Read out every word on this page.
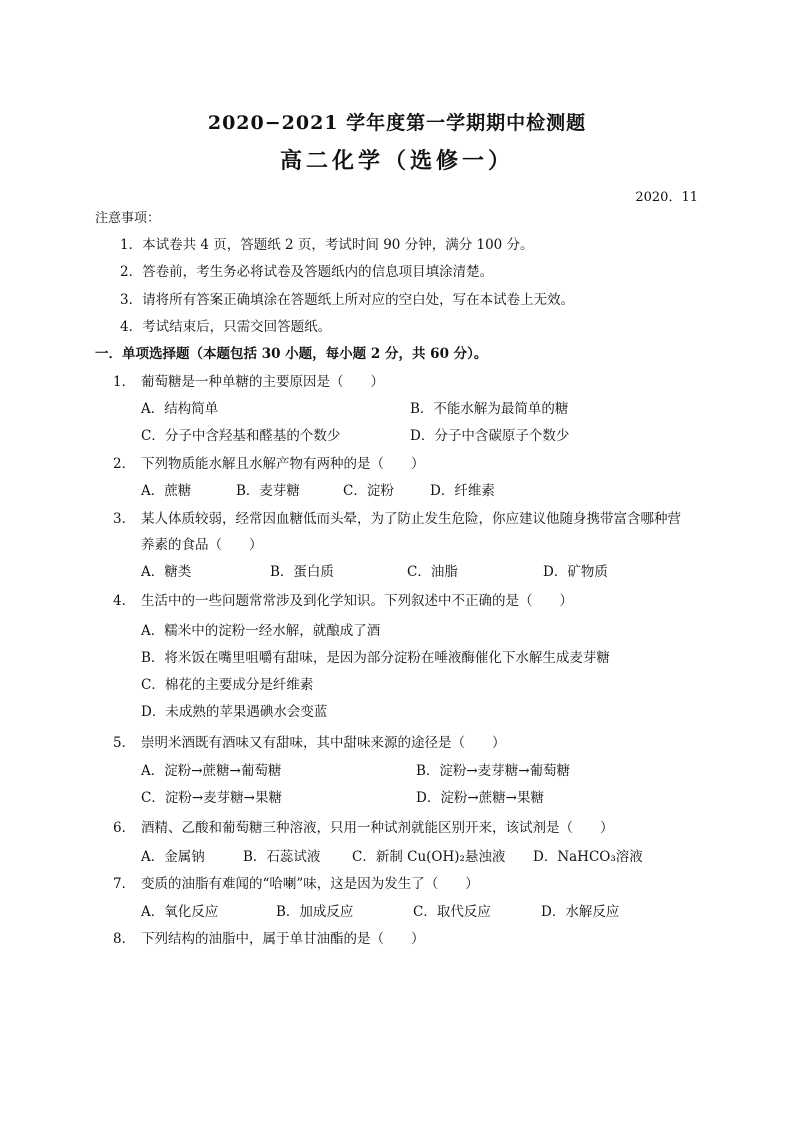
2020−2021 学年度第一学期期中检测题
高二化学（选修一）
2020．11
注意事项：
1．本试卷共 4 页，答题纸 2 页，考试时间 90 分钟，满分 100 分。
2．答卷前，考生务必将试卷及答题纸内的信息项目填涂清楚。
3．请将所有答案正确填涂在答题纸上所对应的空白处，写在本试卷上无效。
4．考试结束后，只需交回答题纸。
一．单项选择题（本题包括 30 小题，每小题 2 分，共 60 分）。
1． 葡萄糖是一种单糖的主要原因是（　　）
A．结构简单	B．不能水解为最简单的糖
C．分子中含羟基和醛基的个数少	D．分子中含碳原子个数少
2． 下列物质能水解且水解产物有两种的是（　　）
A．蔗糖	B．麦芽糖	C．淀粉	D．纤维素
3． 某人体质较弱，经常因血糖低而头晕，为了防止发生危险，你应建议他随身携带富含哪种营
养素的食品（　　）
A．糖类	B．蛋白质	C．油脂	D．矿物质
4． 生活中的一些问题常常涉及到化学知识。下列叙述中不正确的是（　　）
A．糯米中的淀粉一经水解，就酿成了酒
B．将米饭在嘴里咀嚼有甜味，是因为部分淀粉在唾液酶催化下水解生成麦芽糖
C．棉花的主要成分是纤维素
D．未成熟的苹果遇碘水会变蓝
5． 崇明米酒既有酒味又有甜味，其中甜味来源的途径是（　　）
A．淀粉→蔗糖→葡萄糖	B．淀粉→麦芽糖→葡萄糖
C．淀粉→麦芽糖→果糖	D．淀粉→蔗糖→果糖
6． 酒精、乙酸和葡萄糖三种溶液，只用一种试剂就能区别开来，该试剂是（　　）
A．金属钠	B．石蕊试液 C．新制 Cu(OH)₂悬浊液 D．NaHCO₃溶液
7． 变质的油脂有难闻的“哈喇”味，这是因为发生了（　　）
A．氧化反应	B．加成反应	C．取代反应	D．水解反应
8． 下列结构的油脂中，属于单甘油酯的是（　　）
